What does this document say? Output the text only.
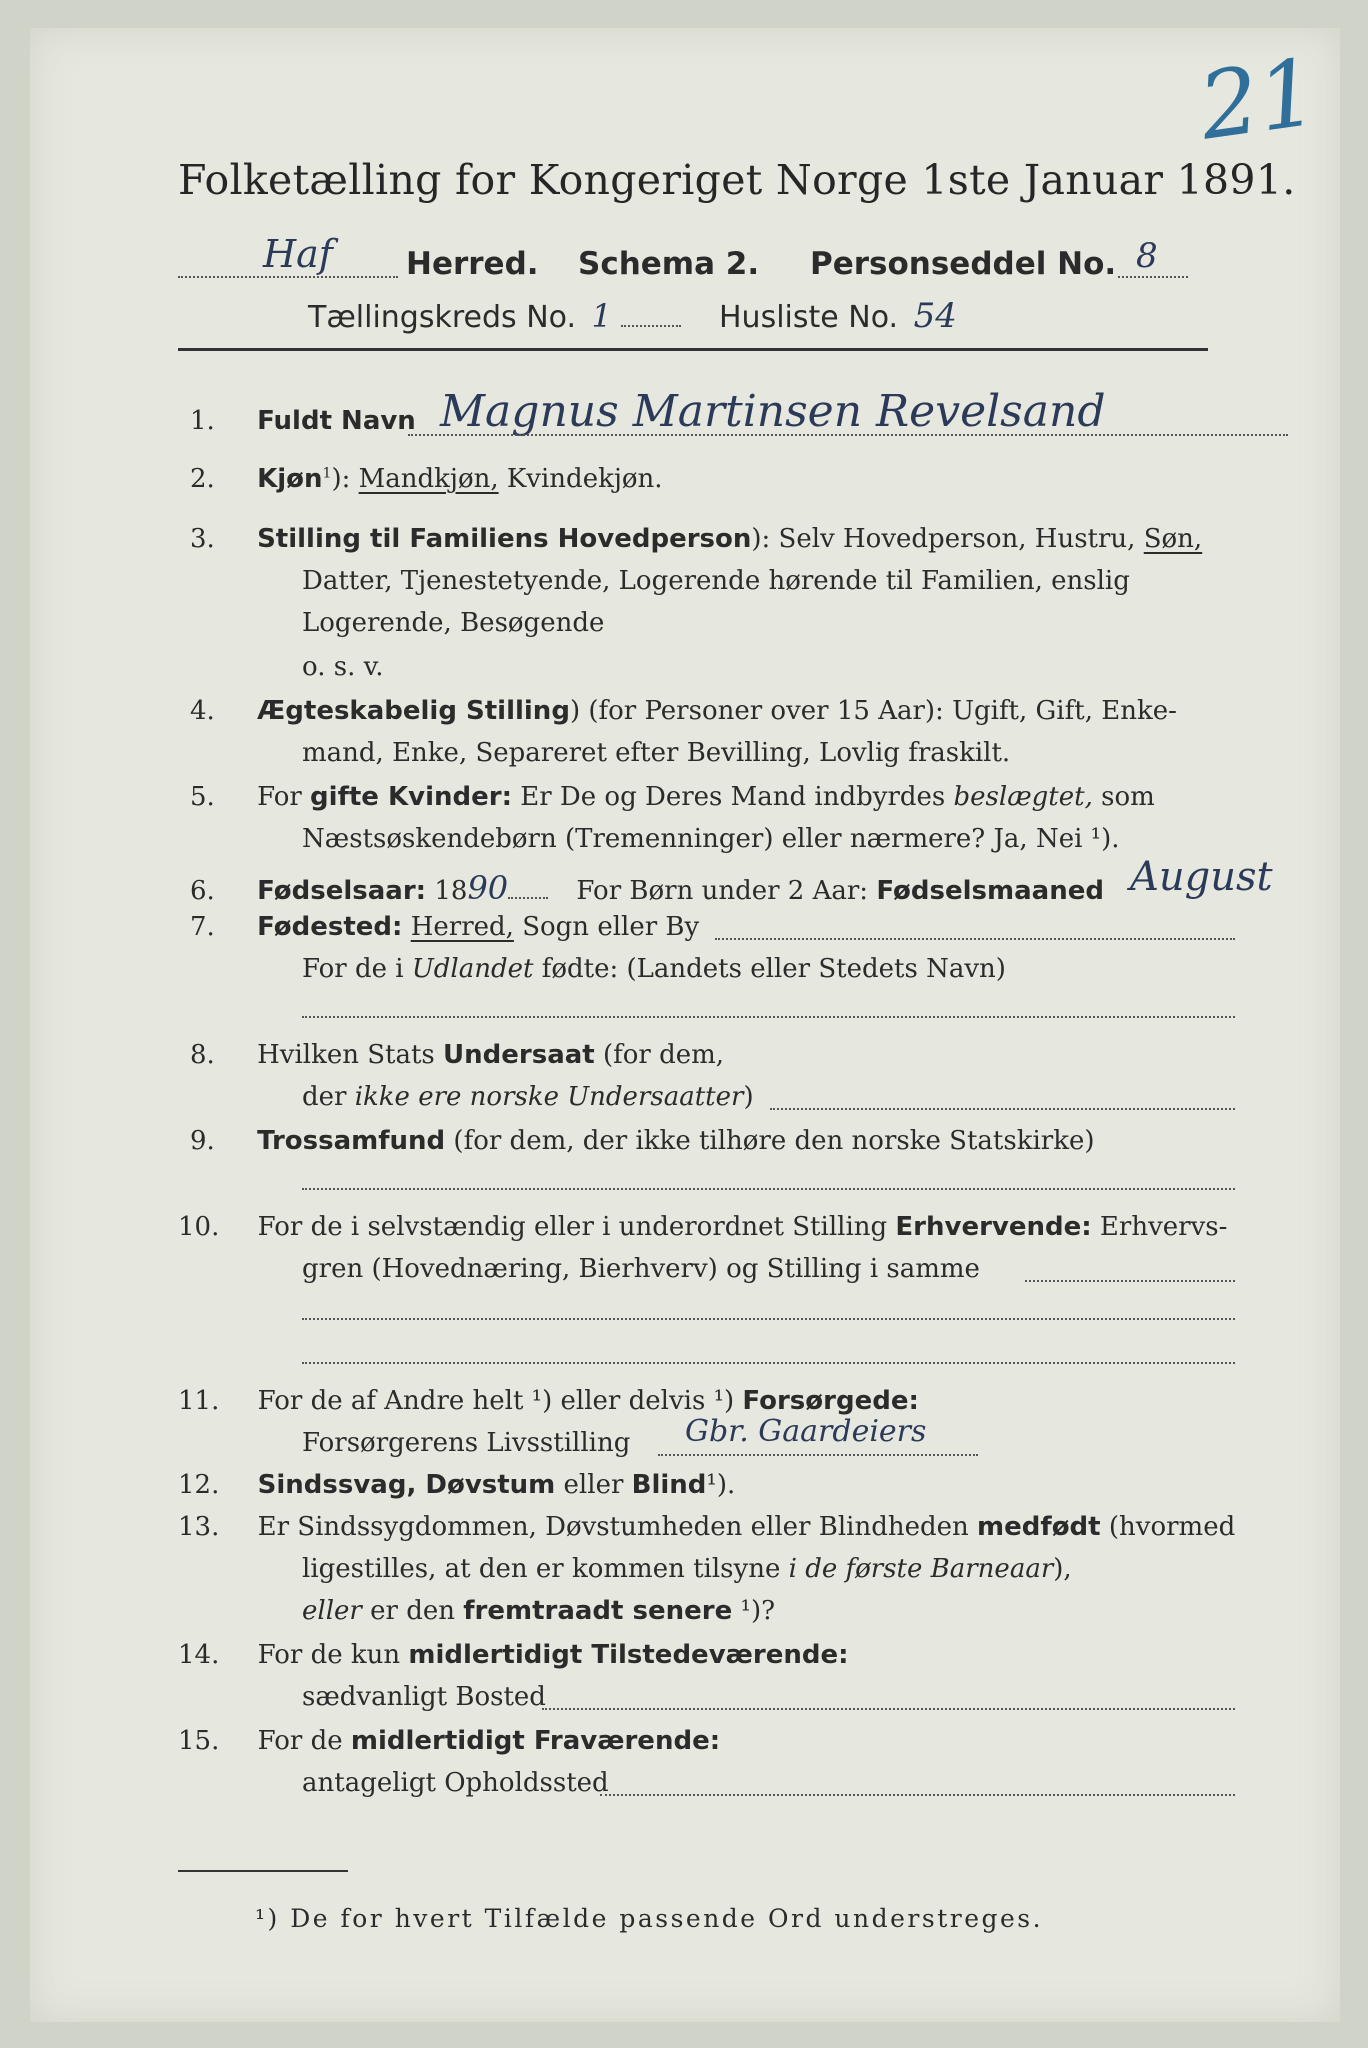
21
Folketælling for Kongeriget Norge 1ste Januar 1891.
Haf Herred. Schema 2. Personseddel No. 8
Tællingskreds No. 1	Husliste No. 54
1. Fuldt Navn Magnus Martinsen Revelsand
2. Kjøn$^1$): Mandkjøn, Kvindekjøn.
3. Stilling til Familiens Hovedperson): Selv Hovedperson, Hustru, Søn,
Datter, Tjenestetyende, Logerende hørende til Familien, enslig
Logerende, Besøgende
o. s. v.
4. Ægteskabelig Stilling) (for Personer over 15 Aar): Ugift, Gift, Enke-
mand, Enke, Separeret efter Bevilling, Lovlig fraskilt.
5. For gifte Kvinder: Er De og Deres Mand indbyrdes beslægtet, som
Næstsøskendebørn (Tremenninger) eller nærmere? Ja, Nei ¹).
6. Fødselsaar: 1890	For Børn under 2 Aar: Fødselsmaaned August
7. Fødested: Herred, Sogn eller By
For de i Udlandet fødte: (Landets eller Stedets Navn)
8. Hvilken Stats Undersaat (for dem,
der ikke ere norske Undersaatter)
9. Trossamfund (for dem, der ikke tilhøre den norske Statskirke)
10. For de i selvstændig eller i underordnet Stilling Erhvervende: Erhvervs-
gren (Hovednæring, Bierhverv) og Stilling i samme
11. For de af Andre helt ¹) eller delvis ¹) Forsørgede:
Forsørgerens Livsstilling Gbr. Gaardeiers
12. Sindssvag, Døvstum eller Blind¹).
13. Er Sindssygdommen, Døvstumheden eller Blindheden medfødt (hvormed
ligestilles, at den er kommen tilsyne i de første Barneaar),
eller er den fremtraadt senere ¹)?
14. For de kun midlertidigt Tilstedeværende:
sædvanligt Bosted
15. For de midlertidigt Fraværende:
antageligt Opholdssted
¹) De for hvert Tilfælde passende Ord understreges.
